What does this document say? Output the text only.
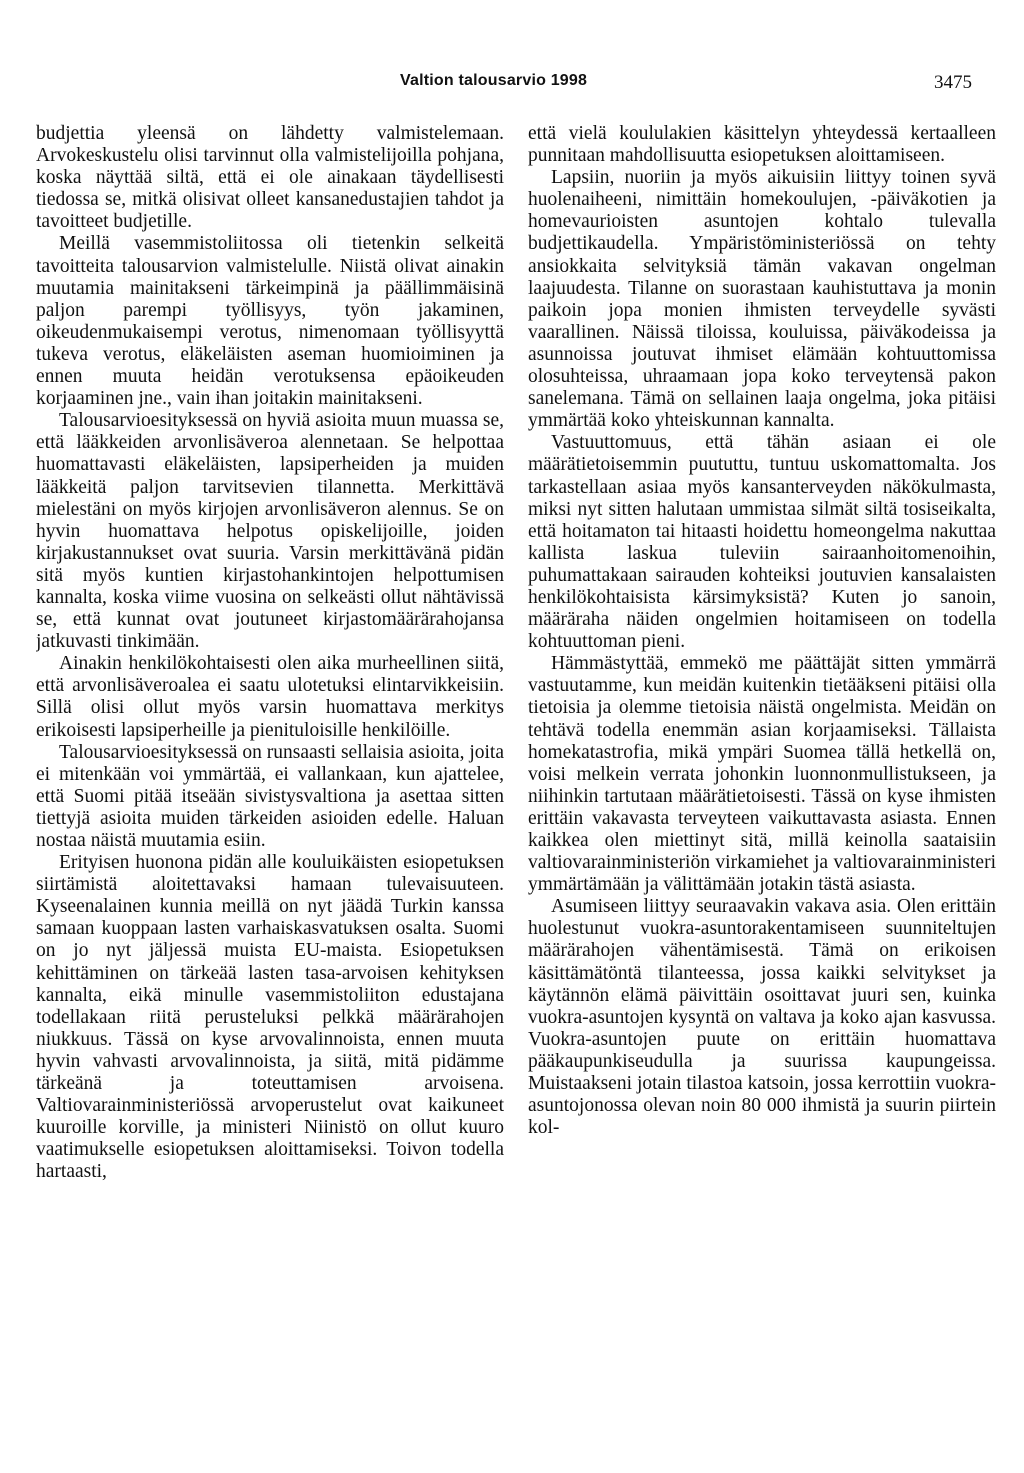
Valtion talousarvio 1998	3475

budjettia yleensä on lähdetty valmistelemaan. Arvokeskustelu olisi tarvinnut olla valmistelijoilla pohjana, koska näyttää siltä, että ei ole ainakaan täydellisesti tiedossa se, mitkä olisivat olleet kansanedustajien tahdot ja tavoitteet budjetille.

Meillä vasemmistoliitossa oli tietenkin selkeitä tavoitteita talousarvion valmistelulle. Niistä olivat ainakin muutamia mainitakseni tärkeimpinä ja päällimmäisinä paljon parempi työllisyys, työn jakaminen, oikeudenmukaisempi verotus, nimenomaan työllisyyttä tukeva verotus, eläkeläisten aseman huomioiminen ja ennen muuta heidän verotuksensa epäoikeuden korjaaminen jne., vain ihan joitakin mainitakseni.

Talousarvioesityksessä on hyviä asioita muun muassa se, että lääkkeiden arvonlisäveroa alennetaan. Se helpottaa huomattavasti eläkeläisten, lapsiperheiden ja muiden lääkkeitä paljon tarvitsevien tilannetta. Merkittävä mielestäni on myös kirjojen arvonlisäveron alennus. Se on hyvin huomattava helpotus opiskelijoille, joiden kirjakustannukset ovat suuria. Varsin merkittävänä pidän sitä myös kuntien kirjastohankintojen helpottumisen kannalta, koska viime vuosina on selkeästi ollut nähtävissä se, että kunnat ovat joutuneet kirjastomäärärahojansa jatkuvasti tinkimään.

Ainakin henkilökohtaisesti olen aika murheellinen siitä, että arvonlisäveroalea ei saatu ulotetuksi elintarvikkeisiin. Sillä olisi ollut myös varsin huomattava merkitys erikoisesti lapsiperheille ja pienituloisille henkilöille.

Talousarvioesityksessä on runsaasti sellaisia asioita, joita ei mitenkään voi ymmärtää, ei vallankaan, kun ajattelee, että Suomi pitää itseään sivistysvaltiona ja asettaa sitten tiettyjä asioita muiden tärkeiden asioiden edelle. Haluan nostaa näistä muutamia esiin.

Erityisen huonona pidän alle kouluikäisten esiopetuksen siirtämistä aloitettavaksi hamaan tulevaisuuteen. Kyseenalainen kunnia meillä on nyt jäädä Turkin kanssa samaan kuoppaan lasten varhaiskasvatuksen osalta. Suomi on jo nyt jäljessä muista EU-maista. Esiopetuksen kehittäminen on tärkeää lasten tasa-arvoisen kehityksen kannalta, eikä minulle vasemmistoliiton edustajana todellakaan riitä perusteluksi pelkkä määrärahojen niukkuus. Tässä on kyse arvovalinnoista, ennen muuta hyvin vahvasti arvovalinnoista, ja siitä, mitä pidämme tärkeänä ja toteuttamisen arvoisena. Valtiovarainministeriössä arvoperustelut ovat kaikuneet kuuroille korville, ja ministeri Niinistö on ollut kuuro vaatimukselle esiopetuksen aloittamiseksi. Toivon todella hartaasti,

että vielä koululakien käsittelyn yhteydessä kertaalleen punnitaan mahdollisuutta esiopetuksen aloittamiseen.

Lapsiin, nuoriin ja myös aikuisiin liittyy toinen syvä huolenaiheeni, nimittäin homekoulujen, -päiväkotien ja homevaurioisten asuntojen kohtalo tulevalla budjettikaudella. Ympäristöministeriössä on tehty ansiokkaita selvityksiä tämän vakavan ongelman laajuudesta. Tilanne on suorastaan kauhistuttava ja monin paikoin jopa monien ihmisten terveydelle syvästi vaarallinen. Näissä tiloissa, kouluissa, päiväkodeissa ja asunnoissa joutuvat ihmiset elämään kohtuuttomissa olosuhteissa, uhraamaan jopa koko terveytensä pakon sanelemana. Tämä on sellainen laaja ongelma, joka pitäisi ymmärtää koko yhteiskunnan kannalta.

Vastuuttomuus, että tähän asiaan ei ole määrätietoisemmin puututtu, tuntuu uskomattomalta. Jos tarkastellaan asiaa myös kansanterveyden näkökulmasta, miksi nyt sitten halutaan ummistaa silmät siltä tosiseikalta, että hoitamaton tai hitaasti hoidettu homeongelma nakuttaa kallista laskua tuleviin sairaanhoitomenoihin, puhumattakaan sairauden kohteiksi joutuvien kansalaisten henkilökohtaisista kärsimyksistä? Kuten jo sanoin, määräraha näiden ongelmien hoitamiseen on todella kohtuuttoman pieni.

Hämmästyttää, emmekö me päättäjät sitten ymmärrä vastuutamme, kun meidän kuitenkin tietääkseni pitäisi olla tietoisia ja olemme tietoisia näistä ongelmista. Meidän on tehtävä todella enemmän asian korjaamiseksi. Tällaista homekatastrofia, mikä ympäri Suomea tällä hetkellä on, voisi melkein verrata johonkin luonnonmullistukseen, ja niihinkin tartutaan määrätietoisesti. Tässä on kyse ihmisten erittäin vakavasta terveyteen vaikuttavasta asiasta. Ennen kaikkea olen miettinyt sitä, millä keinolla saataisiin valtiovarainministeriön virkamiehet ja valtiovarainministeri ymmärtämään ja välittämään jotakin tästä asiasta.

Asumiseen liittyy seuraavakin vakava asia. Olen erittäin huolestunut vuokra-asuntorakentamiseen suunniteltujen määrärahojen vähentämisestä. Tämä on erikoisen käsittämätöntä tilanteessa, jossa kaikki selvitykset ja käytännön elämä päivittäin osoittavat juuri sen, kuinka vuokra-asuntojen kysyntä on valtava ja koko ajan kasvussa. Vuokra-asuntojen puute on erittäin huomattava pääkaupunkiseudulla ja suurissa kaupungeissa. Muistaakseni jotain tilastoa katsoin, jossa kerrottiin vuokra-asuntojonossa olevan noin 80 000 ihmistä ja suurin piirtein kol-
